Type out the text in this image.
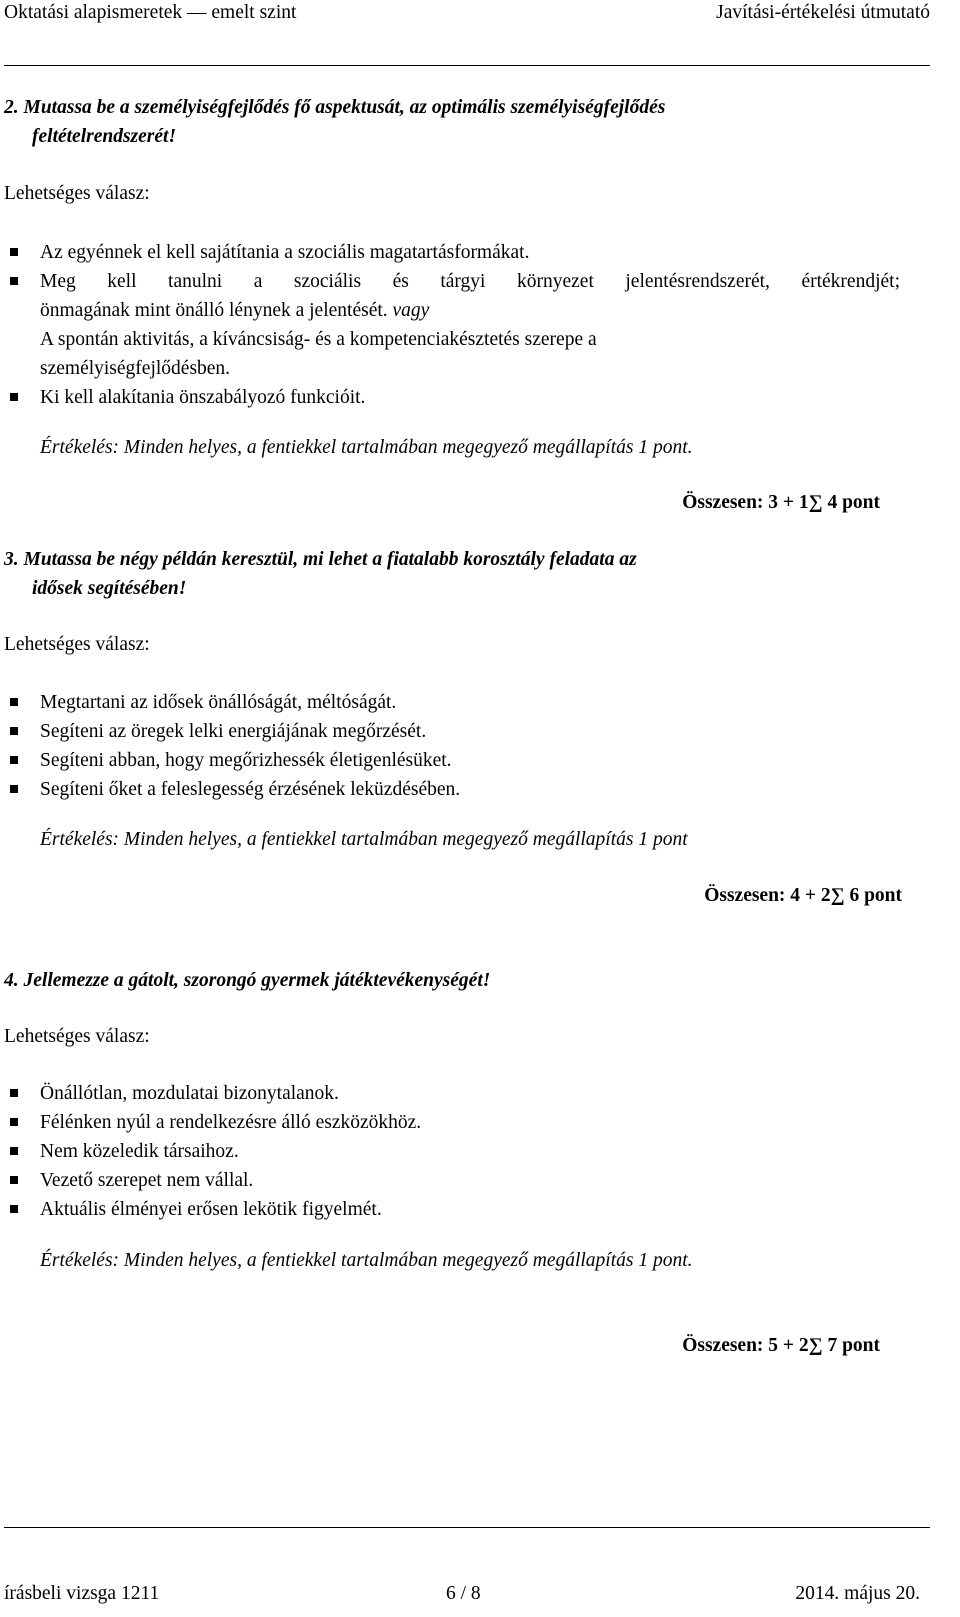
Oktatási alapismeretek — emelt szint	Javítási-értékelési útmutató
2. Mutassa be a személyiségfejlődés fő aspektusát, az optimális személyiségfejlődés
feltételrendszerét!
Lehetséges válasz:
Az egyénnek el kell sajátítania a szociális magatartásformákat.
Meg kell tanulni a szociális és tárgyi környezet jelentésrendszerét, értékrendjét;
önmagának mint önálló lénynek a jelentését. vagy
A spontán aktivitás, a kíváncsiság- és a kompetenciakésztetés szerepe a
személyiségfejlődésben.
Ki kell alakítania önszabályozó funkcióit.
Értékelés: Minden helyes, a fentiekkel tartalmában megegyező megállapítás 1 pont.
Összesen: 3 + 1∑ 4 pont
3. Mutassa be négy példán keresztül, mi lehet a fiatalabb korosztály feladata az
idősek segítésében!
Lehetséges válasz:
Megtartani az idősek önállóságát, méltóságát.
Segíteni az öregek lelki energiájának megőrzését.
Segíteni abban, hogy megőrizhessék életigenlésüket.
Segíteni őket a feleslegesség érzésének leküzdésében.
Értékelés: Minden helyes, a fentiekkel tartalmában megegyező megállapítás 1 pont
Összesen: 4 + 2∑ 6 pont
4. Jellemezze a gátolt, szorongó gyermek játéktevékenységét!
Lehetséges válasz:
Önállótlan, mozdulatai bizonytalanok.
Félénken nyúl a rendelkezésre álló eszközökhöz.
Nem közeledik társaihoz.
Vezető szerepet nem vállal.
Aktuális élményei erősen lekötik figyelmét.
Értékelés: Minden helyes, a fentiekkel tartalmában megegyező megállapítás 1 pont.
Összesen: 5 + 2∑ 7 pont
írásbeli vizsga 1211	6 / 8	2014. május 20.
